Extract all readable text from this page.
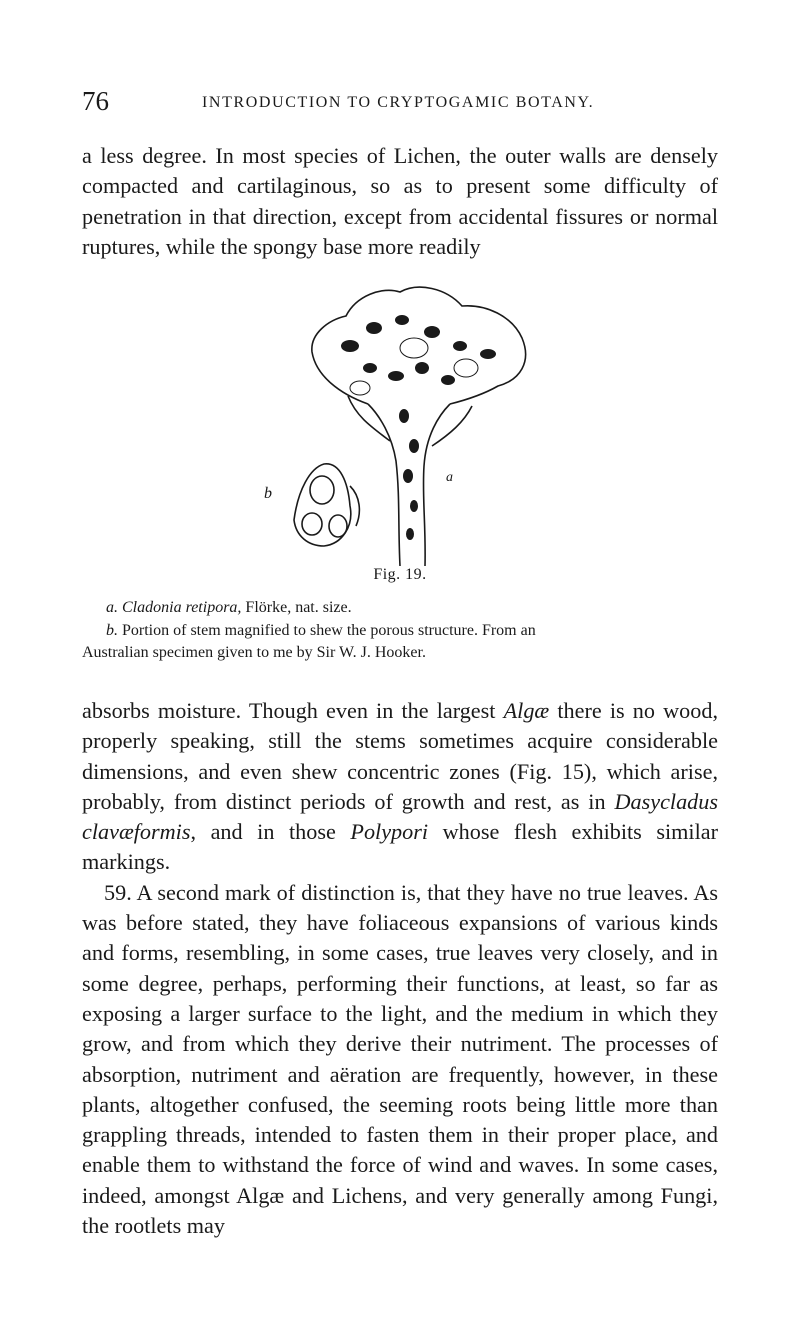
76	INTRODUCTION TO CRYPTOGAMIC BOTANY.

a less degree. In most species of Lichen, the outer walls are densely compacted and cartilaginous, so as to present some difficulty of penetration in that direction, except from accidental fissures or normal ruptures, while the spongy base more readily

b
a
Fig. 19.

a. Cladonia retipora, Flörke, nat. size.

b. Portion of stem magnified to shew the porous structure. From an

Australian specimen given to me by Sir W. J. Hooker.

absorbs moisture. Though even in the largest Algæ there is no wood, properly speaking, still the stems sometimes acquire considerable dimensions, and even shew concentric zones (Fig. 15), which arise, probably, from distinct periods of growth and rest, as in Dasycladus clavæformis, and in those Polypori whose flesh exhibits similar markings.

59. A second mark of distinction is, that they have no true leaves. As was before stated, they have foliaceous expansions of various kinds and forms, resembling, in some cases, true leaves very closely, and in some degree, perhaps, performing their functions, at least, so far as exposing a larger surface to the light, and the medium in which they grow, and from which they derive their nutriment. The processes of absorption, nutriment and aëration are frequently, however, in these plants, altogether confused, the seeming roots being little more than grappling threads, intended to fasten them in their proper place, and enable them to withstand the force of wind and waves. In some cases, indeed, amongst Algæ and Lichens, and very generally among Fungi, the rootlets may
